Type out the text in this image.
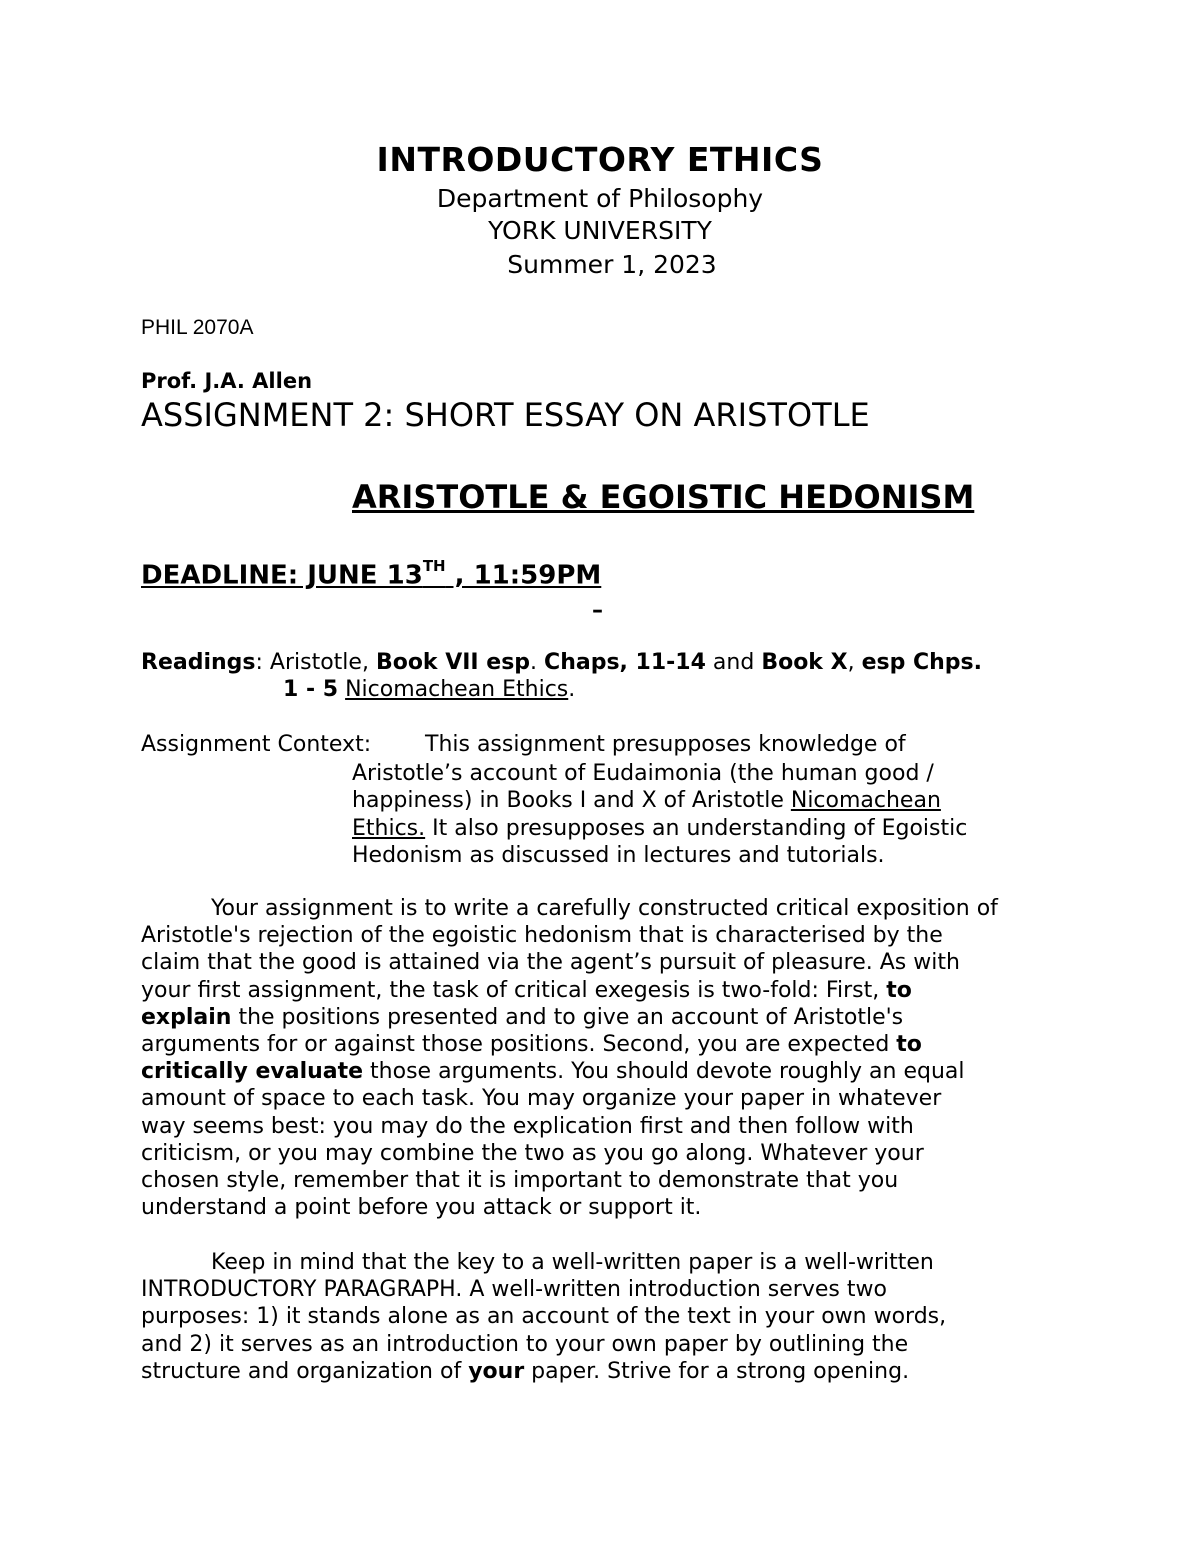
INTRODUCTORY ETHICS
Department of Philosophy
YORK UNIVERSITY
Summer 1, 2023
PHIL 2070A
Prof. J.A. Allen
ASSIGNMENT 2: SHORT ESSAY ON ARISTOTLE
ARISTOTLE & EGOISTIC HEDONISM
DEADLINE: JUNE 13TH , 11:59PM
–
Readings: Aristotle, Book VII esp. Chaps, 11-14 and Book X, esp Chps.
1 - 5 Nicomachean Ethics.
Assignment Context: This assignment presupposes knowledge of
Aristotle’s account of Eudaimonia (the human good /
happiness) in Books I and X of Aristotle Nicomachean
Ethics. It also presupposes an understanding of Egoistic
Hedonism as discussed in lectures and tutorials.
Your assignment is to write a carefully constructed critical exposition of
Aristotle's rejection of the egoistic hedonism that is characterised by the
claim that the good is attained via the agent’s pursuit of pleasure. As with
your first assignment, the task of critical exegesis is two-fold: First, to
explain the positions presented and to give an account of Aristotle's
arguments for or against those positions. Second, you are expected to
critically evaluate those arguments. You should devote roughly an equal
amount of space to each task. You may organize your paper in whatever
way seems best: you may do the explication first and then follow with
criticism, or you may combine the two as you go along. Whatever your
chosen style, remember that it is important to demonstrate that you
understand a point before you attack or support it.
Keep in mind that the key to a well-written paper is a well-written
INTRODUCTORY PARAGRAPH. A well-written introduction serves two
purposes: 1) it stands alone as an account of the text in your own words,
and 2) it serves as an introduction to your own paper by outlining the
structure and organization of your paper. Strive for a strong opening.
